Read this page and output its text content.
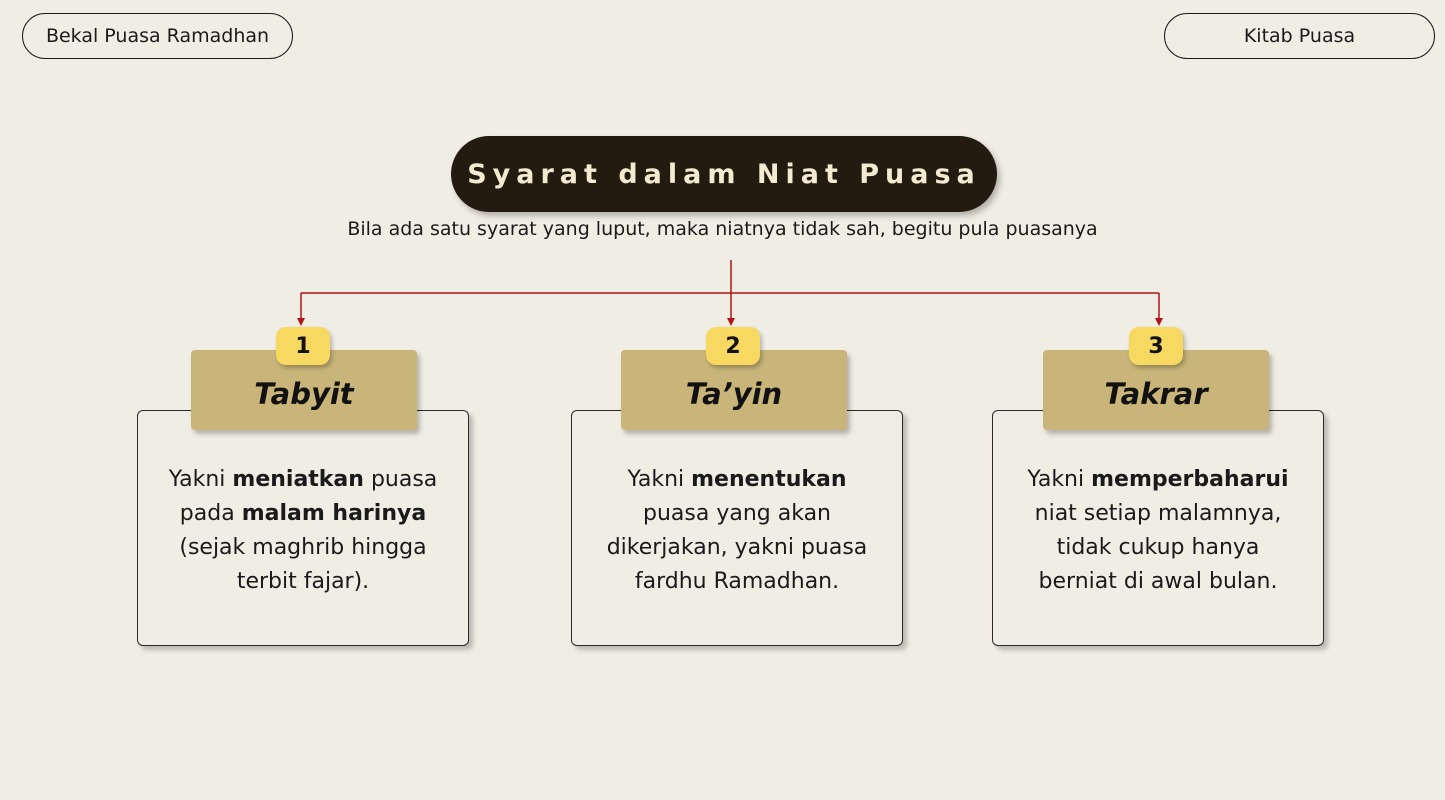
Bekal Puasa Ramadhan	Kitab Puasa
Syarat dalam Niat Puasa
Bila ada satu syarat yang luput, maka niatnya tidak sah, begitu pula puasanya
Yakni meniatkan puasa pada malam harinya (sejak maghrib hingga terbit fajar).
Tabyit
1
Yakni menentukan puasa yang akan dikerjakan, yakni puasa fardhu Ramadhan.
Ta’yin
2
Yakni memperbaharui niat setiap malamnya, tidak cukup hanya berniat di awal bulan.
Takrar
3
